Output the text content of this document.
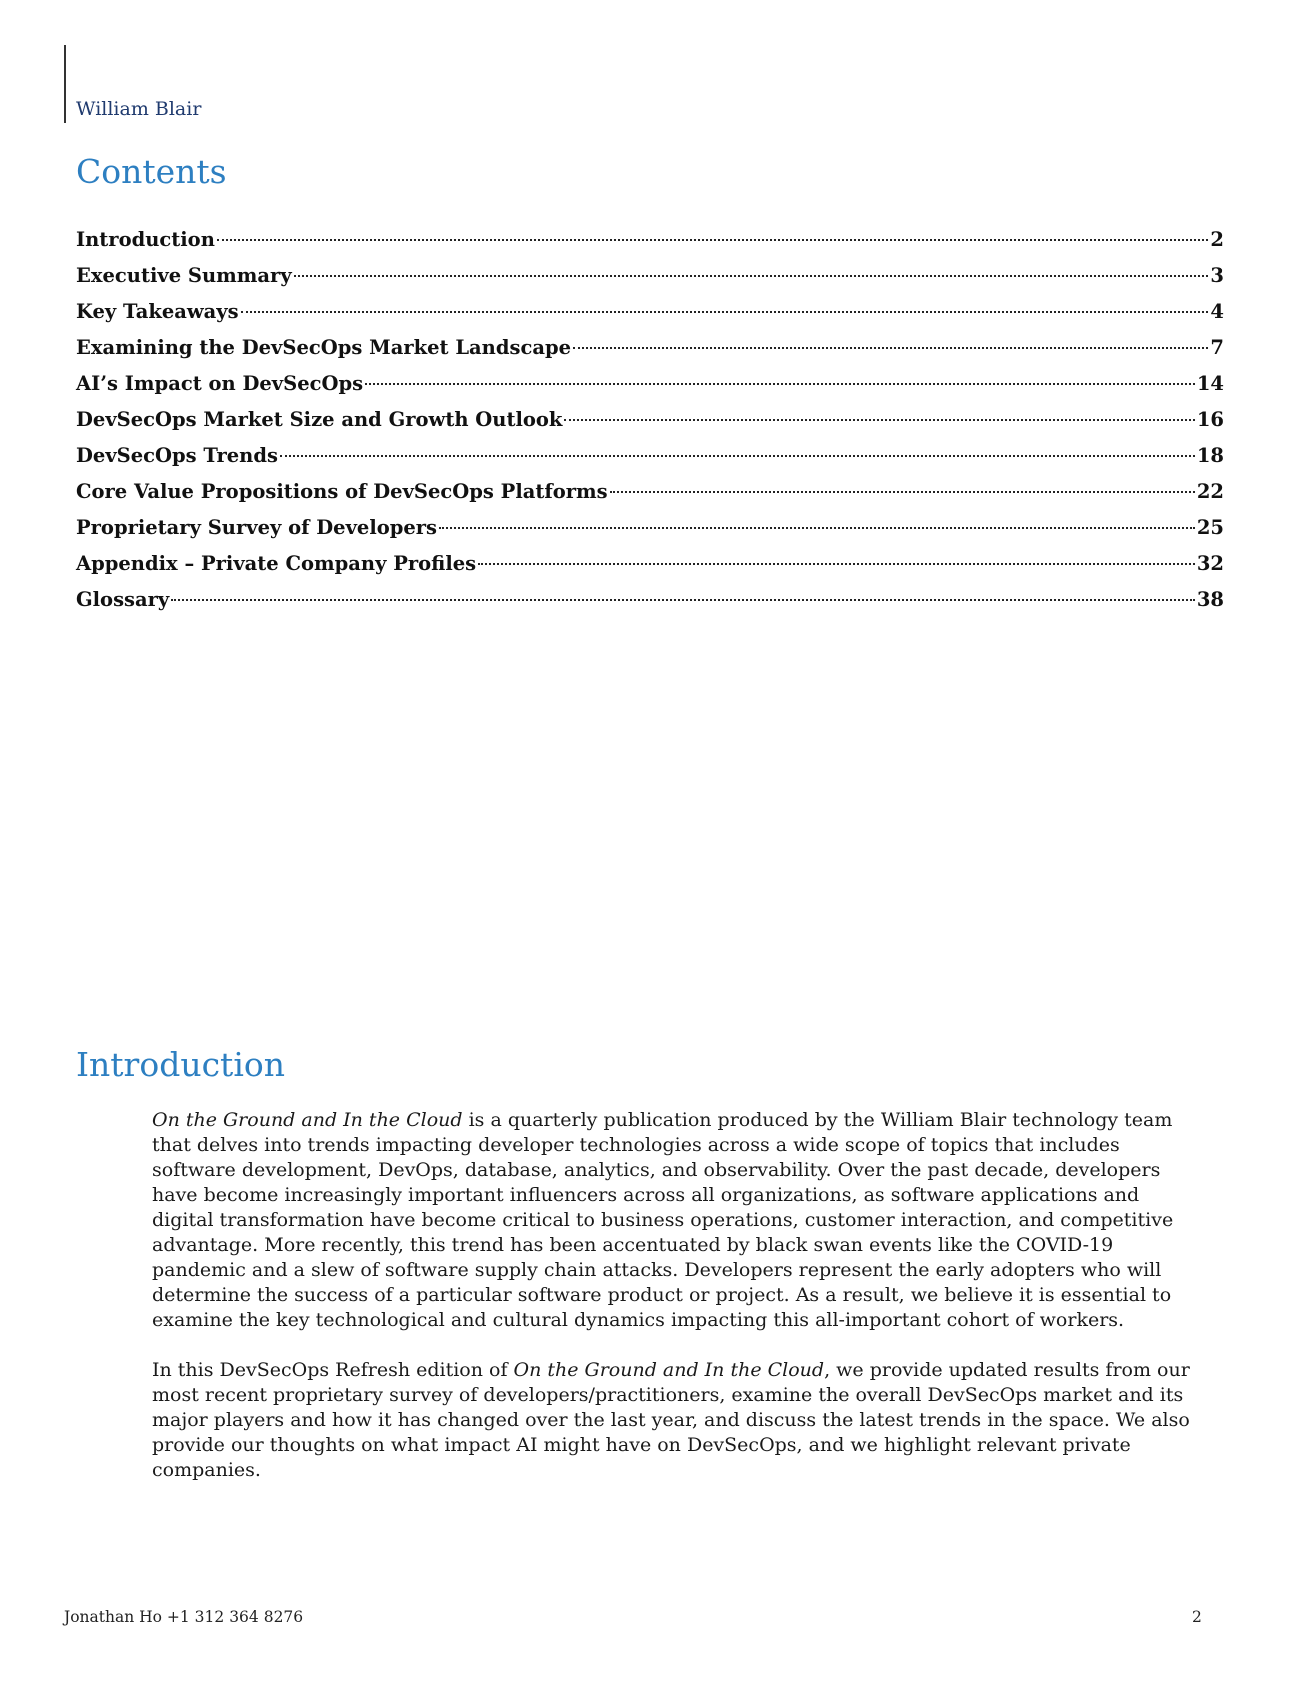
William Blair
Contents
Introduction	2
Executive Summary	3
Key Takeaways	4
Examining the DevSecOps Market Landscape	7
AI’s Impact on DevSecOps	14
DevSecOps Market Size and Growth Outlook	16
DevSecOps Trends	18
Core Value Propositions of DevSecOps Platforms	22
Proprietary Survey of Developers	25
Appendix – Private Company Profiles	32
Glossary	38
Introduction

On the Ground and In the Cloud is a quarterly publication produced by the William Blair technology team that delves into trends impacting developer technologies across a wide scope of topics that includes software development, DevOps, database, analytics, and observability. Over the past decade, developers have become increasingly important influencers across all organizations, as software applications and digital transformation have become critical to business operations, customer interaction, and competitive advantage. More recently, this trend has been accentuated by black swan events like the COVID-19 pandemic and a slew of software supply chain attacks. Developers represent the early adopters who will determine the success of a particular software product or project. As a result, we believe it is essential to examine the key technological and cultural dynamics impacting this all-important cohort of workers.

In this DevSecOps Refresh edition of On the Ground and In the Cloud, we provide updated results from our most recent proprietary survey of developers/practitioners, examine the overall DevSecOps market and its major players and how it has changed over the last year, and discuss the latest trends in the space. We also provide our thoughts on what impact AI might have on DevSecOps, and we highlight relevant private companies.

Jonathan Ho +1 312 364 8276	2
